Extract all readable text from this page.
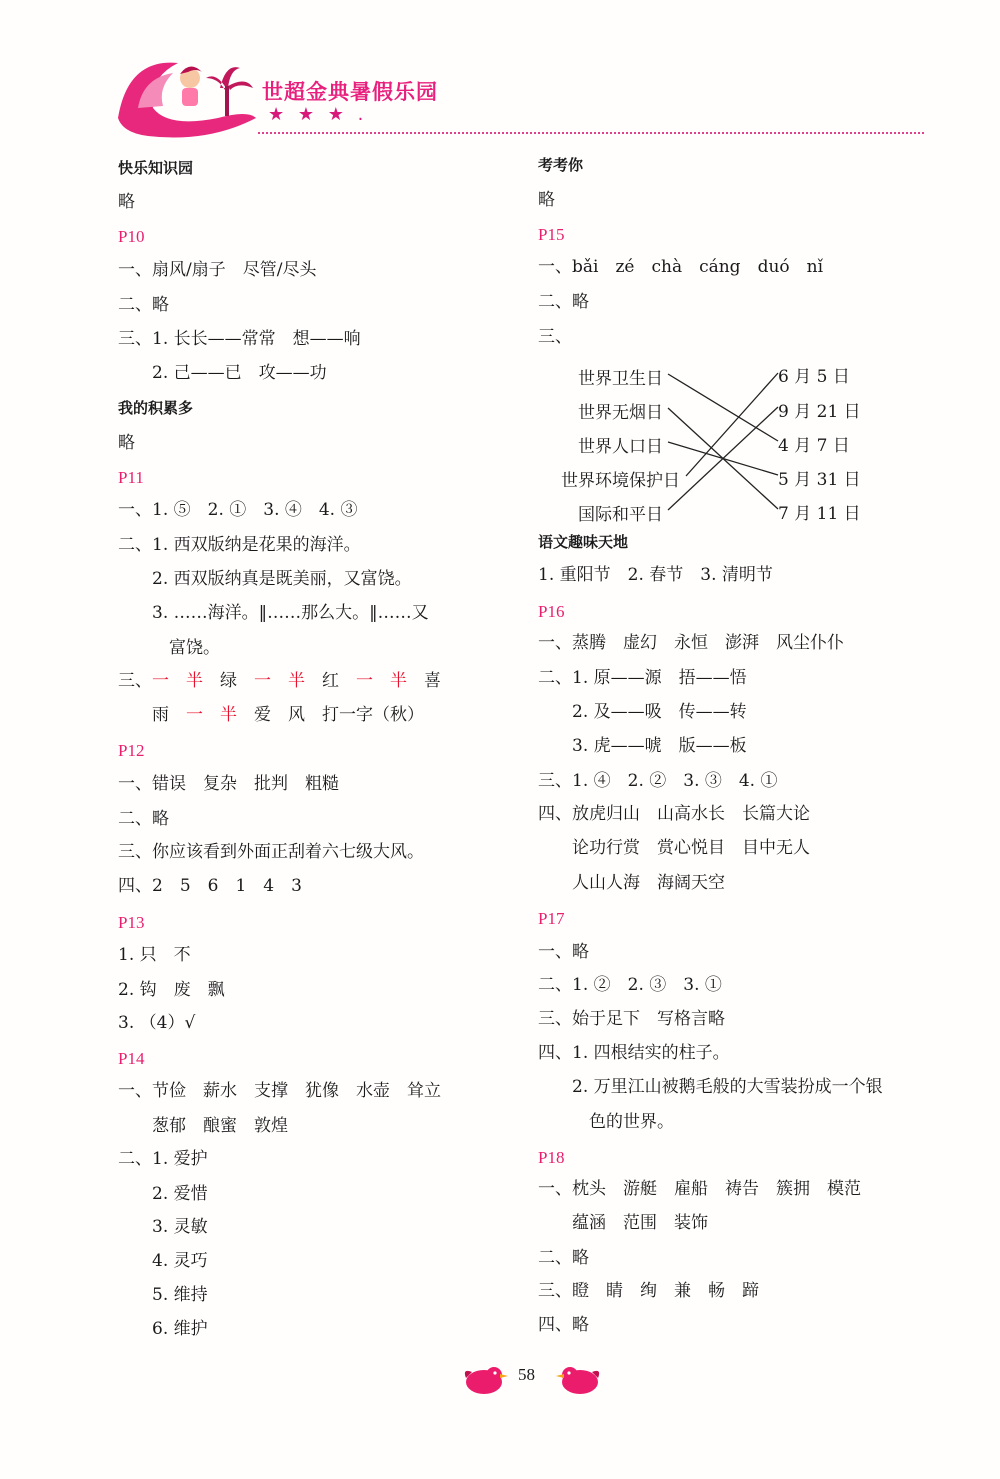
世超金典暑假乐园
★ ★ ★ .
快乐知识园
略
P10
一、扇风/扇子　尽管/尽头
二、略
三、1. 长长——常常　想——响
　　2. 己——已　攻——功
我的积累多
略
P11
一、1. ⑤　2. ①　3. ④　4. ③
二、1. 西双版纳是花果的海洋。
　　2. 西双版纳真是既美丽，又富饶。
　　3. ……海洋。‖……那么大。‖……又
　　　富饶。
三、一　 半　绿　一　 半　红　一　 半　喜
　　雨　一　 半　爱　风　打一字（秋）
P12
一、错误　复杂　批判　粗糙
二、略
三、你应该看到外面正刮着六七级大风。
四、2　5　6　1　4　3
P13
1. 只　不
2. 钩　废　飘
3. （4）√
P14
一、节俭　薪水　支撑　犹像　水壶　耸立
　　葱郁　酿蜜　敦煌
二、1. 爱护
　　2. 爱惜
　　3. 灵敏
　　4. 灵巧
　　5. 维持
　　6. 维护
考考你
略
P15
一、bǎi　zé　chà　cáng　duó　nǐ
二、略
三、
语文趣味天地
1. 重阳节　2. 春节　3. 清明节
P16
一、蒸腾　虚幻　永恒　澎湃　风尘仆仆
二、1. 原——源　捂——悟
　　2. 及——吸　传——转
　　3. 虎——唬　版——板
三、1. ④　2. ②　3. ③　4. ①
四、放虎归山　山高水长　长篇大论
　　论功行赏　赏心悦目　目中无人
　　人山人海　海阔天空
P17
一、略
二、1. ②　2. ③　3. ①
三、始于足下　写格言略
四、1. 四根结实的柱子。
　　2. 万里江山被鹅毛般的大雪装扮成一个银
　　　色的世界。
P18
一、枕头　游艇　雇船　祷告　簇拥　模范
　　蕴涵　范围　装饰
二、略
三、瞪　睛　绚　兼　畅　蹄
四、略
世界卫生日
世界无烟日
世界人口日
世界环境保护日
国际和平日
6 月 5 日
9 月 21 日
4 月 7 日
5 月 31 日
7 月 11 日
58
